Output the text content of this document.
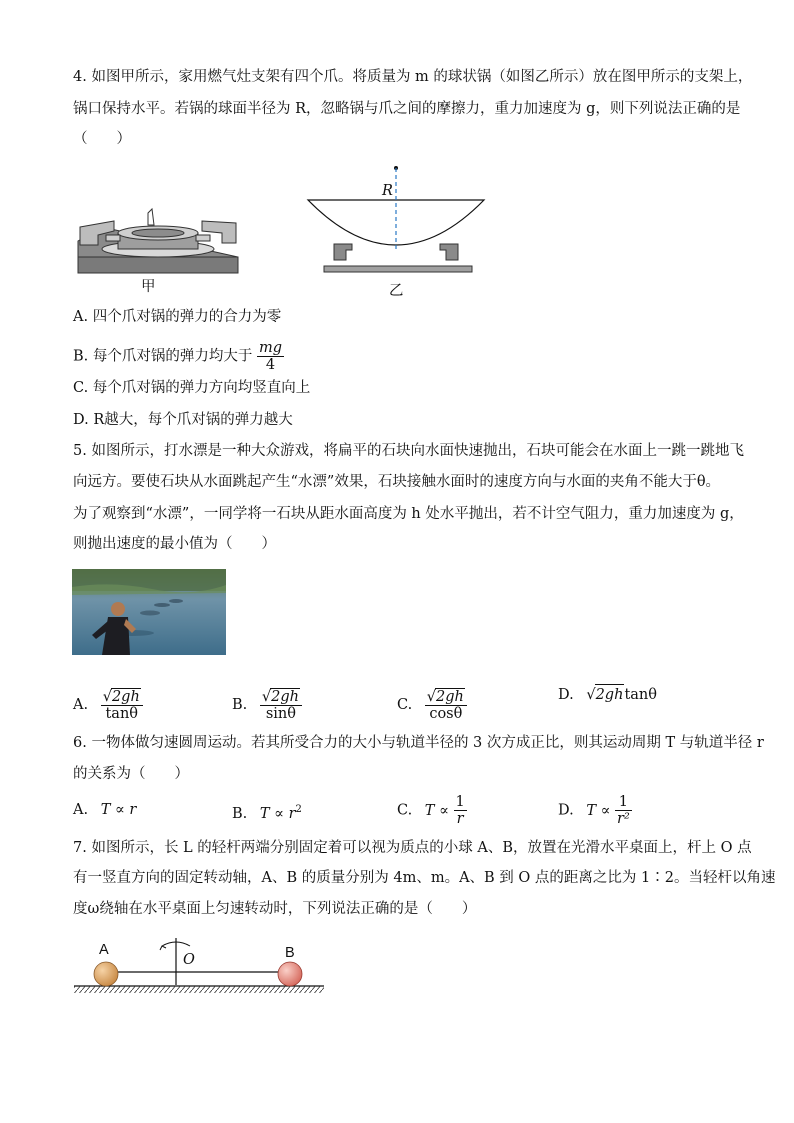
4. 如图甲所示，家用燃气灶支架有四个爪。将质量为 m 的球状锅（如图乙所示）放在图甲所示的支架上，
锅口保持水平。若锅的球面半径为 R，忽略锅与爪之间的摩擦力，重力加速度为 g，则下列说法正确的是
（　　）
甲
R
乙
A. 四个爪对锅的弹力的合力为零
B. 每个爪对锅的弹力均大于 $\frac{mg}{4}$
C. 每个爪对锅的弹力方向均竖直向上
D. R越大，每个爪对锅的弹力越大
5. 如图所示，打水漂是一种大众游戏，将扁平的石块向水面快速抛出，石块可能会在水面上一跳一跳地飞
向远方。要使石块从水面跳起产生“水漂”效果，石块接触水面时的速度方向与水面的夹角不能大于θ。
为了观察到“水漂”，一同学将一石块从距水面高度为 h 处水平抛出，若不计空气阻力，重力加速度为 g，
则抛出速度的最小值为（　　）
A. $\frac{√2gh}{\tan\theta}$	B. $\frac{√2gh}{\sin\theta}$	C. $\frac{√2gh}{\cos\theta}$	D. √2ghtanθ
6. 一物体做匀速圆周运动。若其所受合力的大小与轨道半径的 3 次方成正比，则其运动周期 T 与轨道半径 r
的关系为（　　）
A. T ∝ r	B. $T \propto r^2$	C. $T \propto \frac{1}{r}$	D. $T \propto \frac{1}{\text{r²}}$
7. 如图所示，长 L 的轻杆两端分别固定着可以视为质点的小球 A、B，放置在光滑水平桌面上，杆上 O 点
有一竖直方向的固定转动轴，A、B 的质量分别为 4m、m。A、B 到 O 点的距离之比为 1∶2。当轻杆以角速
度ω绕轴在水平桌面上匀速转动时，下列说法正确的是（　　）
A	B
O
